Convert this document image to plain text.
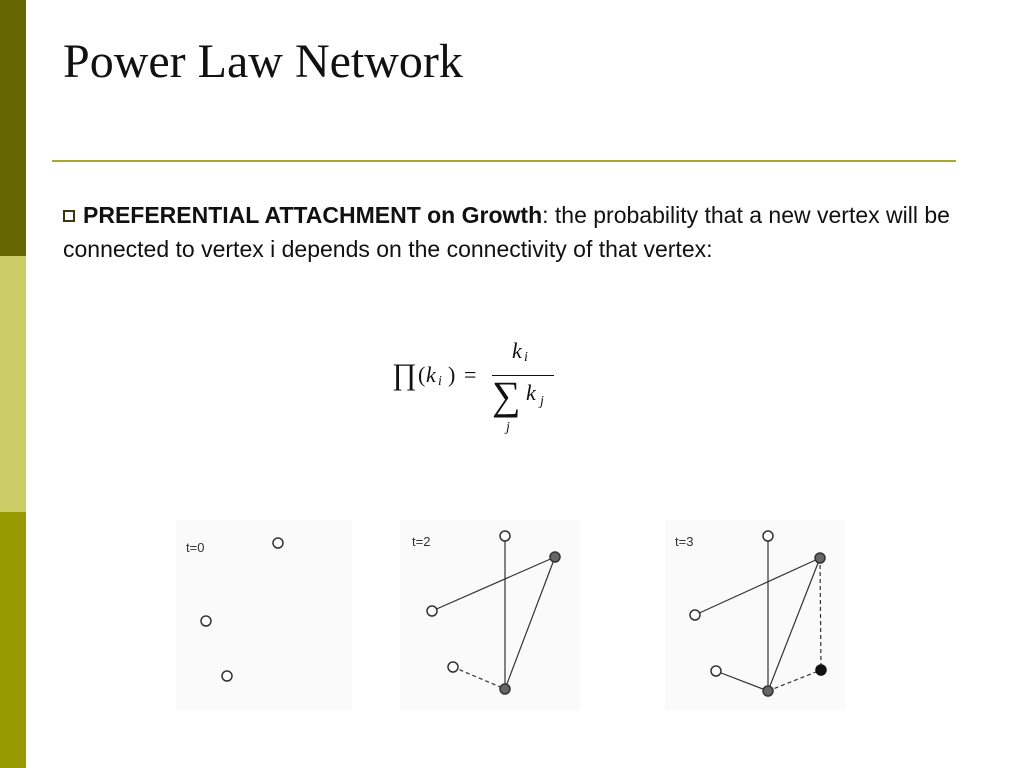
Power Law Network
PREFERENTIAL ATTACHMENT on Growth: the probability that a new vertex will be connected to vertex i depends on the connectivity of that vertex:
∏ ( k i ) =
k i
∑ k j
j
t=0	t=2	t=3
